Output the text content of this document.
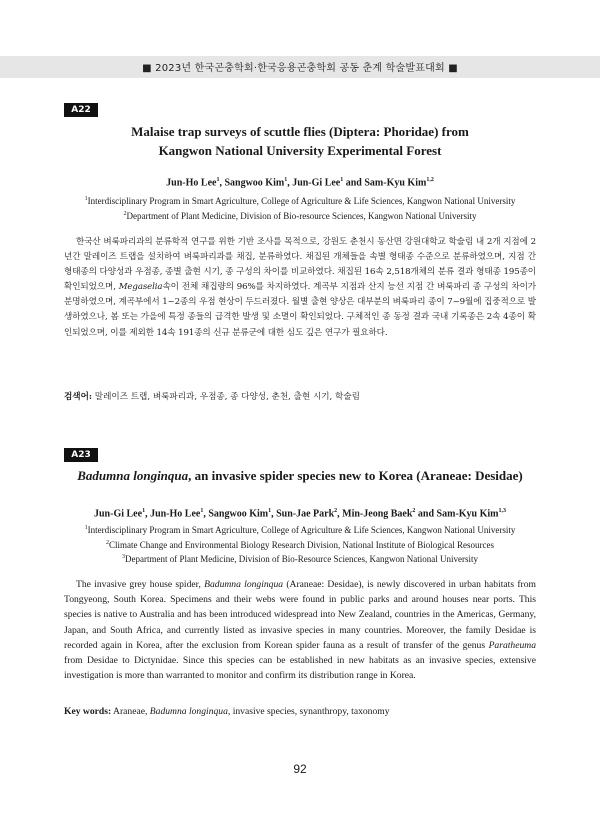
■ 2023년 한국곤충학회·한국응용곤충학회 공동 춘계 학술발표대회 ■
A22
Malaise trap surveys of scuttle flies (Diptera: Phoridae) from
Kangwon National University Experimental Forest
Jun-Ho Lee$^1$, Sangwoo Kim$^1$, Jun-Gi Lee$^1$ and Sam-Kyu Kim$^{1,2}$
$^1$Interdisciplinary Program in Smart Agriculture, College of Agriculture & Life Sciences, Kangwon National University
$^2$Department of Plant Medicine, Division of Bio-resource Sciences, Kangwon National University
한국산 벼룩파리과의 분류학적 연구를 위한 기반 조사를 목적으로, 강원도 춘천시 동산면 강원대학교 학술림 내 2개 지점에 2년간 말레이즈 트랩을 설치하여 벼룩파리과를 채집, 분류하였다. 채집된 개체들을 속별 형태종 수준으로 분류하였으며, 지점 간 형태종의 다양성과 우점종, 종별 출현 시기, 종 구성의 차이를 비교하였다. 채집된 16속 2,518개체의 분류 결과 형태종 195종이 확인되었으며, Megaselia속이 전체 채집량의 96%를 차지하였다. 계곡부 지점과 산지 능선 지점 간 벼룩파리 종 구성의 차이가 분명하였으며, 계곡부에서 1~2종의 우점 현상이 두드러졌다. 월별 출현 양상은 대부분의 벼룩파리 종이 7~9월에 집중적으로 발생하였으나, 봄 또는 가을에 특정 종들의 급격한 발생 및 소멸이 확인되었다. 구체적인 종 동정 결과 국내 기록종은 2속 4종이 확인되었으며, 이를 제외한 14속 191종의 신규 분류군에 대한 심도 깊은 연구가 필요하다.
검색어: 말레이즈 트랩, 벼룩파리과, 우점종, 종 다양성, 춘천, 출현 시기, 학술림
A23
Badumna longinqua, an invasive spider species new to Korea (Araneae: Desidae)
Jun-Gi Lee$^1$, Jun-Ho Lee$^1$, Sangwoo Kim$^1$, Sun-Jae Park$^2$, Min-Jeong Baek$^2$ and Sam-Kyu Kim$^{1,3}$
$^1$Interdisciplinary Program in Smart Agriculture, College of Agriculture & Life Sciences, Kangwon National University
$^2$Climate Change and Environmental Biology Research Division, National Institute of Biological Resources
$^3$Department of Plant Medicine, Division of Bio-Resource Sciences, Kangwon National University
The invasive grey house spider, Badumna longinqua (Araneae: Desidae), is newly discovered in urban habitats from Tongyeong, South Korea. Specimens and their webs were found in public parks and around houses near ports. This species is native to Australia and has been introduced widespread into New Zealand, countries in the Americas, Germany, Japan, and South Africa, and currently listed as invasive species in many countries. Moreover, the family Desidae is recorded again in Korea, after the exclusion from Korean spider fauna as a result of transfer of the genus Paratheuma from Desidae to Dictynidae. Since this species can be established in new habitats as an invasive species, extensive investigation is more than warranted to monitor and confirm its distribution range in Korea.
Key words: Araneae, Badumna longinqua, invasive species, synanthropy, taxonomy
92
